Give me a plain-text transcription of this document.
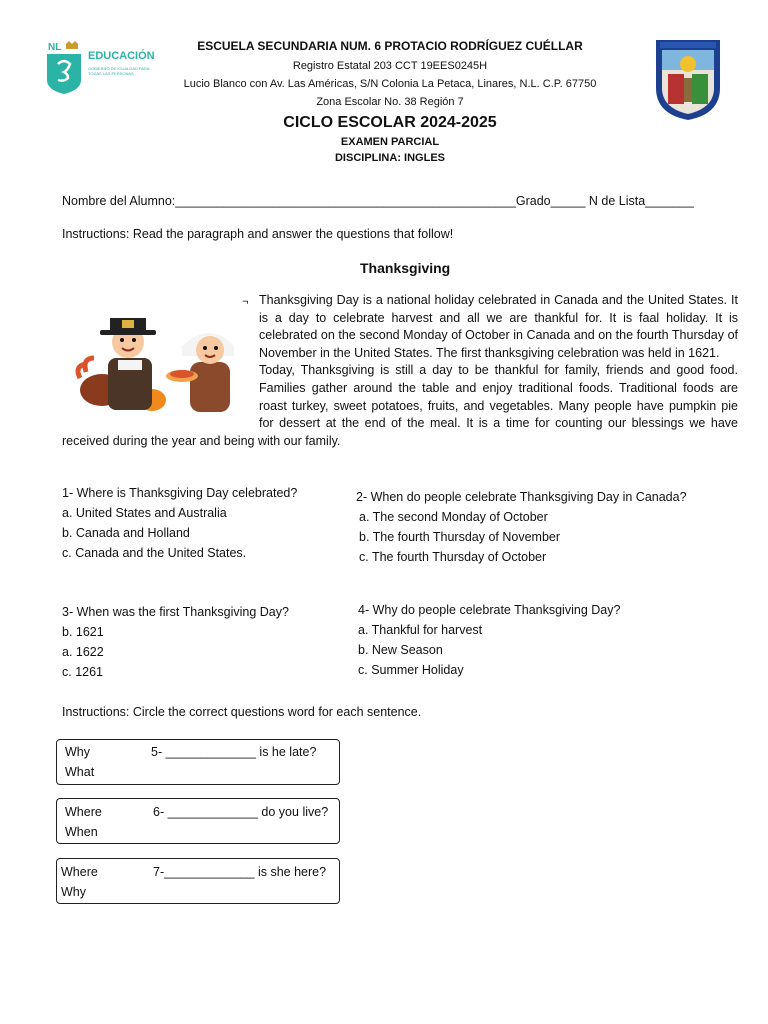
NL
EDUCACIÓN
GOBIERNO DE IGUALDAD PARA TODAS LAS PERSONAS
ESCUELA SECUNDARIA NUM. 6 PROTACIO RODRÍGUEZ CUÉLLAR
Registro Estatal 203 CCT 19EES0245H
Lucio Blanco con Av. Las Américas, S/N Colonia La Petaca, Linares, N.L. C.P. 67750
Zona Escolar No. 38 Región 7
CICLO ESCOLAR 2024-2025
EXAMEN PARCIAL
DISCIPLINA: INGLES
Nombre del Alumno:_________________________________________________Grado_____ N de Lista_______
Instructions: Read the paragraph and answer the questions that follow!
Thanksgiving
¬ Thanksgiving Day is a national holiday celebrated in Canada and the United States. It is a day to celebrate harvest and all we are thankful for. It is faal holiday. It is celebrated on the second Monday of October in Canada and on the fourth Thursday of November in the United States. The first thanksgiving celebration was held in 1621.
Today, Thanksgiving is still a day to be thankful for family, friends and good food. Families gather around the table and enjoy traditional foods. Traditional foods are roast turkey, sweet potatoes, fruits, and vegetables. Many people have pumpkin pie for dessert at the end of the meal. It is a time for counting our blessings we have received during the year and being with our family.
1- Where is Thanksgiving Day celebrated?
a. United States and Australia
b. Canada and Holland
c. Canada and the United States.
2- When do people celebrate Thanksgiving Day in Canada?
a. The second Monday of October
b. The fourth Thursday of November
c. The fourth Thursday of October
3- When was the first Thanksgiving Day?
b. 1621
a. 1622
c. 1261
4- Why do people celebrate Thanksgiving Day?
a. Thankful for harvest
b. New Season
c. Summer Holiday
Instructions: Circle the correct questions word for each sentence.
Why
What
5- _____________ is he late?
Where
When
6- _____________ do you live?
Where
Why
7-_____________ is she here?
